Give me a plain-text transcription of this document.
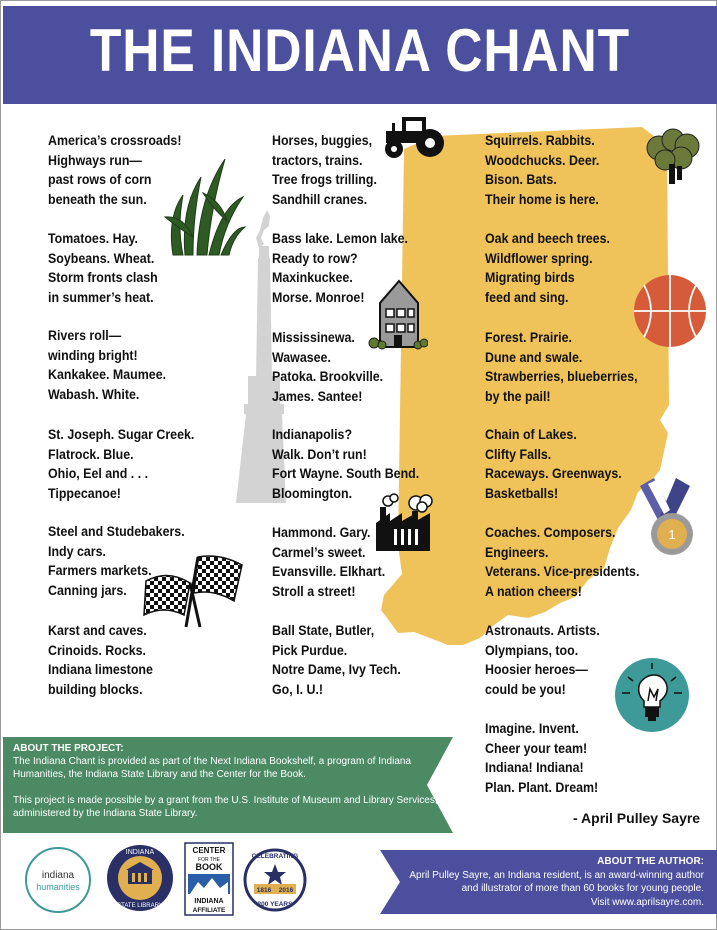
THE INDIANA CHANT
America’s crossroads!
Highways run—
past rows of corn
beneath the sun.
Tomatoes. Hay.
Soybeans. Wheat.
Storm fronts clash
in summer’s heat.
Rivers roll—
winding bright!
Kankakee. Maumee.
Wabash. White.
St. Joseph. Sugar Creek.
Flatrock. Blue.
Ohio, Eel and . . .
Tippecanoe!
Steel and Studebakers.
Indy cars.
Farmers markets.
Canning jars.
Karst and caves.
Crinoids. Rocks.
Indiana limestone
building blocks.
Horses, buggies,
tractors, trains.
Tree frogs trilling.
Sandhill cranes.
Bass lake. Lemon lake.
Ready to row?
Maxinkuckee.
Morse. Monroe!
Mississinewa.
Wawasee.
Patoka. Brookville.
James. Santee!
Indianapolis?
Walk. Don’t run!
Fort Wayne. South Bend.
Bloomington.
Hammond. Gary.
Carmel’s sweet.
Evansville. Elkhart.
Stroll a street!
Ball State, Butler,
Pick Purdue.
Notre Dame, Ivy Tech.
Go, I. U.!
Squirrels. Rabbits.
Woodchucks. Deer.
Bison. Bats.
Their home is here.
Oak and beech trees.
Wildflower spring.
Migrating birds
feed and sing.
Forest. Prairie.
Dune and swale.
Strawberries, blueberries,
by the pail!
Chain of Lakes.
Clifty Falls.
Raceways. Greenways.
Basketballs!
Coaches. Composers.
Engineers.
Veterans. Vice-presidents.
A nation cheers!
Astronauts. Artists.
Olympians, too.
Hoosier heroes—
could be you!
Imagine. Invent.
Cheer your team!
Indiana! Indiana!
Plan. Plant. Dream!
- April Pulley Sayre
1
ABOUT THE PROJECT:
The Indiana Chant is provided as part of the Next Indiana Bookshelf, a program of Indiana Humanities, the Indiana State Library and the Center for the Book.
This project is made possible by a grant from the U.S. Institute of Museum and Library Services, administered by the Indiana State Library.
indiana
humanities
INDIANA
STATE LIBRARY
CENTER
FOR THE
BOOK
INDIANA
AFFILIATE
CELEBRATING
1816 2016
200 YEARS
ABOUT THE AUTHOR:
April Pulley Sayre, an Indiana resident, is an award-winning author
and illustrator of more than 60 books for young people.
Visit www.aprilsayre.com.
